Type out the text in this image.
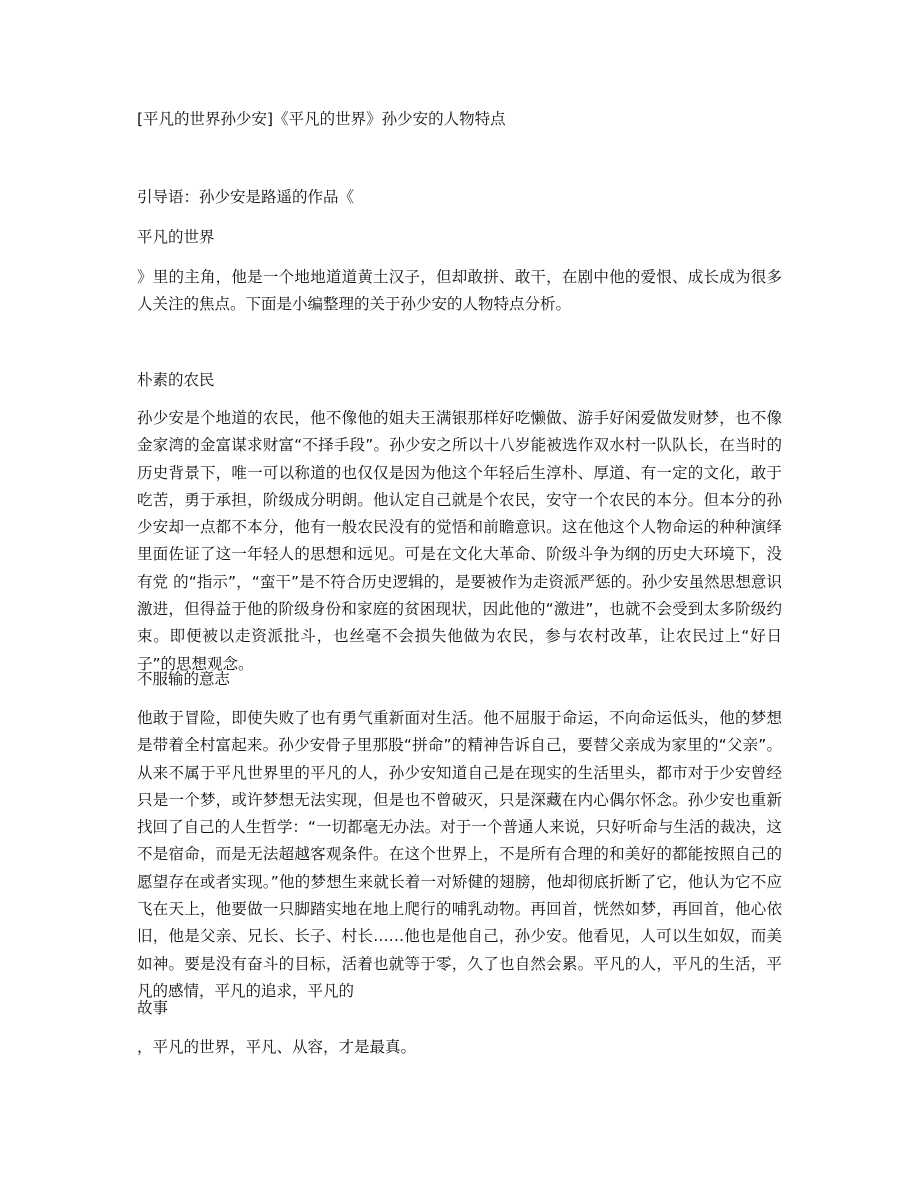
[平凡的世界孙少安]《平凡的世界》孙少安的人物特点
引导语：孙少安是路遥的作品《
平凡的世界

》里的主角，他是一个地地道道黄土汉子，但却敢拼、敢干，在剧中他的爱恨、成长成为很多人关注的焦点。下面是小编整理的关于孙少安的人物特点分析。

朴素的农民

孙少安是个地道的农民，他不像他的姐夫王满银那样好吃懒做、游手好闲爱做发财梦，也不像金家湾的金富谋求财富“不择手段”。孙少安之所以十八岁能被选作双水村一队队长，在当时的历史背景下，唯一可以称道的也仅仅是因为他这个年轻后生淳朴、厚道、有一定的文化，敢于吃苦，勇于承担，阶级成分明朗。他认定自己就是个农民，安守一个农民的本分。但本分的孙少安却一点都不本分，他有一般农民没有的觉悟和前瞻意识。这在他这个人物命运的种种演绎里面佐证了这一年轻人的思想和远见。可是在文化大革命、阶级斗争为纲的历史大环境下，没有党 的“指示”，“蛮干”是不符合历史逻辑的，是要被作为走资派严惩的。孙少安虽然思想意识激进，但得益于他的阶级身份和家庭的贫困现状，因此他的“激进”，也就不会受到太多阶级约束。即便被以走资派批斗，也丝毫不会损失他做为农民，参与农村改革，让农民过上“好日子”的思想观念。

不服输的意志

他敢于冒险，即使失败了也有勇气重新面对生活。他不屈服于命运，不向命运低头，他的梦想是带着全村富起来。孙少安骨子里那股“拼命”的精神告诉自己，要替父亲成为家里的“父亲”。从来不属于平凡世界里的平凡的人，孙少安知道自己是在现实的生活里头，都市对于少安曾经只是一个梦，或许梦想无法实现，但是也不曾破灭，只是深藏在内心偶尔怀念。孙少安也重新找回了自己的人生哲学：“一切都毫无办法。对于一个普通人来说，只好听命与生活的裁决，这不是宿命，而是无法超越客观条件。在这个世界上，不是所有合理的和美好的都能按照自己的愿望存在或者实现。”他的梦想生来就长着一对矫健的翅膀，他却彻底折断了它，他认为它不应飞在天上，他要做一只脚踏实地在地上爬行的哺乳动物。再回首，恍然如梦，再回首，他心依旧，他是父亲、兄长、长子、村长……他也是他自己，孙少安。他看见，人可以生如奴，而美如神。要是没有奋斗的目标，活着也就等于零，久了也自然会累。平凡的人，平凡的生活，平凡的感情，平凡的追求，平凡的

故事
，平凡的世界，平凡、从容，才是最真。
